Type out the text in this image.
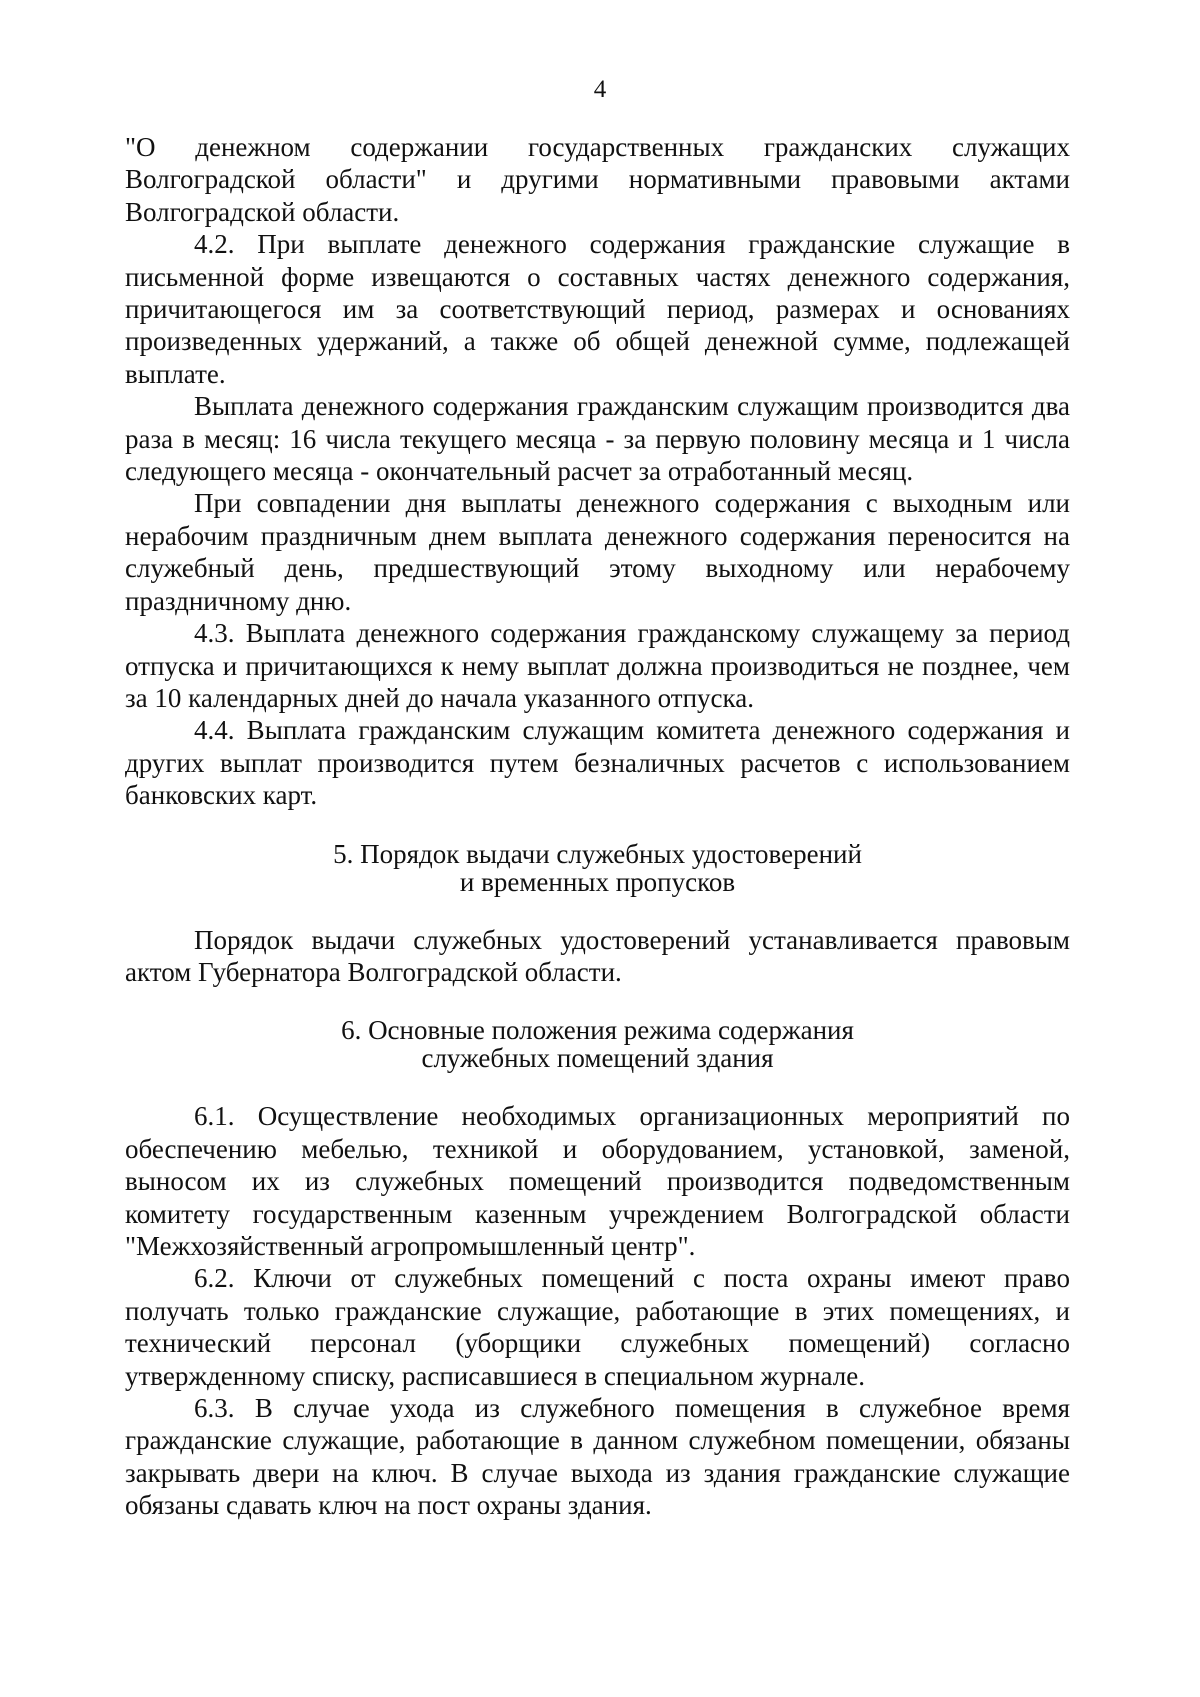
4

"О денежном содержании государственных гражданских служащих Волгоградской области" и другими нормативными правовыми актами Волгоградской области.

4.2. При выплате денежного содержания гражданские служащие в письменной форме извещаются о составных частях денежного содержания, причитающегося им за соответствующий период, размерах и основаниях произведенных удержаний, а также об общей денежной сумме, подлежащей выплате.

Выплата денежного содержания гражданским служащим производится два раза в месяц: 16 числа текущего месяца - за первую половину месяца и 1 числа следующего месяца - окончательный расчет за отработанный месяц.

При совпадении дня выплаты денежного содержания с выходным или нерабочим праздничным днем выплата денежного содержания переносится на служебный день, предшествующий этому выходному или нерабочему праздничному дню.

4.3. Выплата денежного содержания гражданскому служащему за период отпуска и причитающихся к нему выплат должна производиться не позднее, чем за 10 календарных дней до начала указанного отпуска.

4.4. Выплата гражданским служащим комитета денежного содержания и других выплат производится путем безналичных расчетов с использованием банковских карт.

5. Порядок выдачи служебных удостоверений
и временных пропусков

Порядок выдачи служебных удостоверений устанавливается правовым актом Губернатора Волгоградской области.

6. Основные положения режима содержания
служебных помещений здания

6.1. Осуществление необходимых организационных мероприятий по обеспечению мебелью, техникой и оборудованием, установкой, заменой, выносом их из служебных помещений производится подведомственным комитету государственным казенным учреждением Волгоградской области "Межхозяйственный агропромышленный центр".

6.2. Ключи от служебных помещений с поста охраны имеют право получать только гражданские служащие, работающие в этих помещениях, и технический персонал (уборщики служебных помещений) согласно утвержденному списку, расписавшиеся в специальном журнале.

6.3. В случае ухода из служебного помещения в служебное время гражданские служащие, работающие в данном служебном помещении, обязаны закрывать двери на ключ. В случае выхода из здания гражданские служащие обязаны сдавать ключ на пост охраны здания.
